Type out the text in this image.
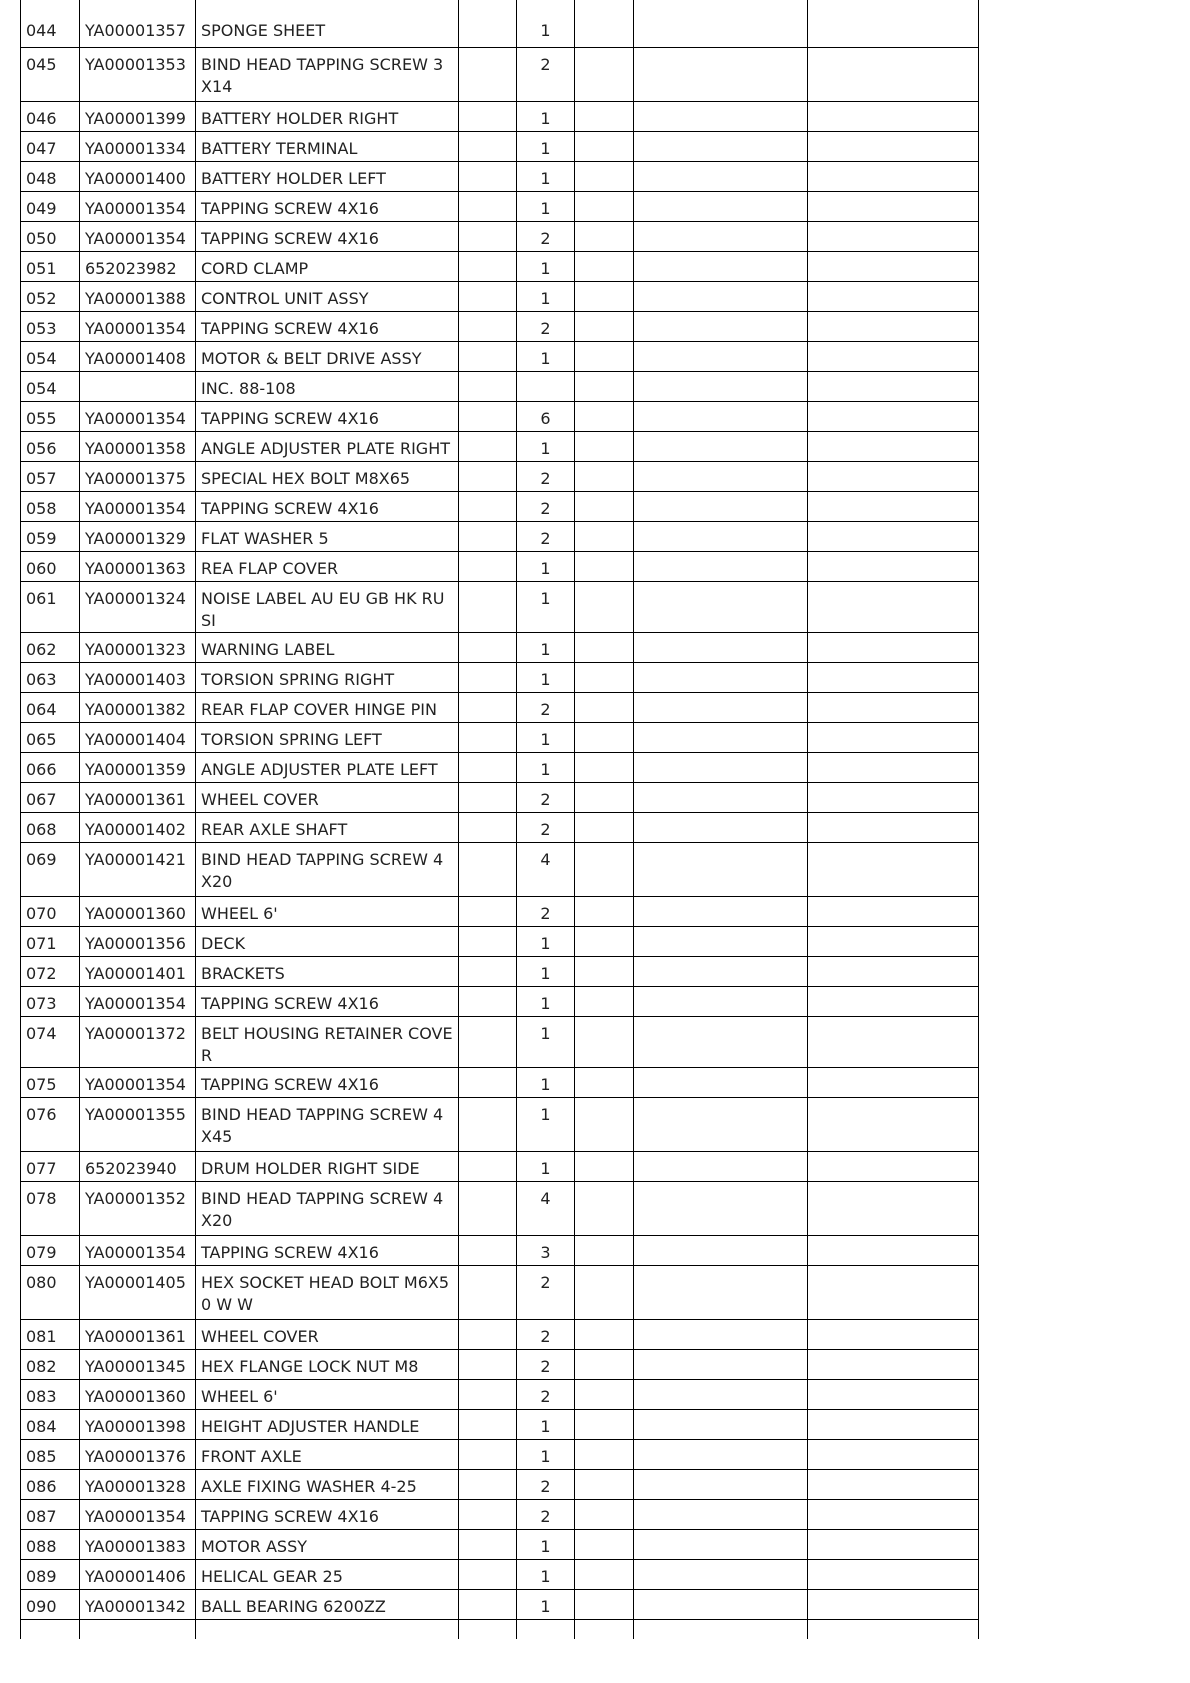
044	YA00001357	SPONGE SHEET		1			
045	YA00001353	BIND HEAD TAPPING SCREW 3X14		2			
046	YA00001399	BATTERY HOLDER RIGHT		1			
047	YA00001334	BATTERY TERMINAL		1			
048	YA00001400	BATTERY HOLDER LEFT		1			
049	YA00001354	TAPPING SCREW 4X16		1			
050	YA00001354	TAPPING SCREW 4X16		2			
051	652023982	CORD CLAMP		1			
052	YA00001388	CONTROL UNIT ASSY		1			
053	YA00001354	TAPPING SCREW 4X16		2			
054	YA00001408	MOTOR & BELT DRIVE ASSY		1			
054		INC. 88-108					
055	YA00001354	TAPPING SCREW 4X16		6			
056	YA00001358	ANGLE ADJUSTER PLATE RIGHT		1			
057	YA00001375	SPECIAL HEX BOLT M8X65		2			
058	YA00001354	TAPPING SCREW 4X16		2			
059	YA00001329	FLAT WASHER 5		2			
060	YA00001363	REA FLAP COVER		1			
061	YA00001324	NOISE LABEL AU EU GB HK RU SI		1			
062	YA00001323	WARNING LABEL		1			
063	YA00001403	TORSION SPRING RIGHT		1			
064	YA00001382	REAR FLAP COVER HINGE PIN		2			
065	YA00001404	TORSION SPRING LEFT		1			
066	YA00001359	ANGLE ADJUSTER PLATE LEFT		1			
067	YA00001361	WHEEL COVER		2			
068	YA00001402	REAR AXLE SHAFT		2			
069	YA00001421	BIND HEAD TAPPING SCREW 4X20		4			
070	YA00001360	WHEEL 6'		2			
071	YA00001356	DECK		1			
072	YA00001401	BRACKETS		1			
073	YA00001354	TAPPING SCREW 4X16		1			
074	YA00001372	BELT HOUSING RETAINER COVER		1			
075	YA00001354	TAPPING SCREW 4X16		1			
076	YA00001355	BIND HEAD TAPPING SCREW 4X45		1			
077	652023940	DRUM HOLDER RIGHT SIDE		1			
078	YA00001352	BIND HEAD TAPPING SCREW 4X20		4			
079	YA00001354	TAPPING SCREW 4X16		3			
080	YA00001405	HEX SOCKET HEAD BOLT M6X50 W W		2			
081	YA00001361	WHEEL COVER		2			
082	YA00001345	HEX FLANGE LOCK NUT M8		2			
083	YA00001360	WHEEL 6'		2			
084	YA00001398	HEIGHT ADJUSTER HANDLE		1			
085	YA00001376	FRONT AXLE		1			
086	YA00001328	AXLE FIXING WASHER 4-25		2			
087	YA00001354	TAPPING SCREW 4X16		2			
088	YA00001383	MOTOR ASSY		1			
089	YA00001406	HELICAL GEAR 25		1			
090	YA00001342	BALL BEARING 6200ZZ		1			
